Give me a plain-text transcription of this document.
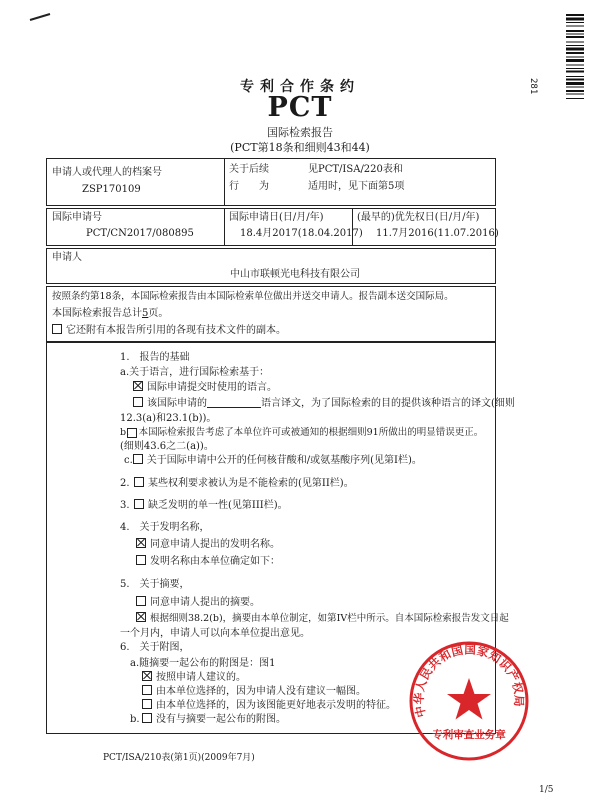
281
专利合作条约
PCT
国际检索报告
(PCT第18条和细则43和44)
申请人或代理人的档案号
ZSP170109
关于后续
行　　为
见PCT/ISA/220表和
适用时，见下面第5项
国际申请号
PCT/CN2017/080895
国际申请日(日/月/年)
18.4月2017(18.04.2017)
(最早的)优先权日(日/月/年)
11.7月2016(11.07.2016)
申请人
中山市联顿光电科技有限公司
按照条约第18条，本国际检索报告由本国际检索单位做出并送交申请人。报告副本送交国际局。
本国际检索报告总计5页。
它还附有本报告所引用的各现有技术文件的副本。
1.　报告的基础
a.关于语言，进行国际检索基于：
国际申请提交时使用的语言。
该国际申请的	语言译文，为了国际检索的目的提供该种语言的译文(细则
12.3(a)和23.1(b))。
b.　本国际检索报告考虑了本单位许可或被通知的根据细则91所做出的明显错误更正。
(细则43.6之二(a))。
c. 关于国际申请中公开的任何核苷酸和/或氨基酸序列(见第I栏)。
2. 某些权利要求被认为是不能检索的(见第II栏)。
3. 缺乏发明的单一性(见第III栏)。
4.　关于发明名称，
同意申请人提出的发明名称。
发明名称由本单位确定如下：
5.　关于摘要，
同意申请人提出的摘要。
根据细则38.2(b)，摘要由本单位制定，如第IV栏中所示。自本国际检索报告发文日起
一个月内，申请人可以向本单位提出意见。
6.　关于附图，
a.随摘要一起公布的附图是：图1
按照申请人建议的。
由本单位选择的，因为申请人没有建议一幅图。
由本单位选择的，因为该图能更好地表示发明的特征。
b. 没有与摘要一起公布的附图。
中华人民共和国国家知识产权局
专利审查业务章
PCT/ISA/210表(第1页)(2009年7月)
1/5
